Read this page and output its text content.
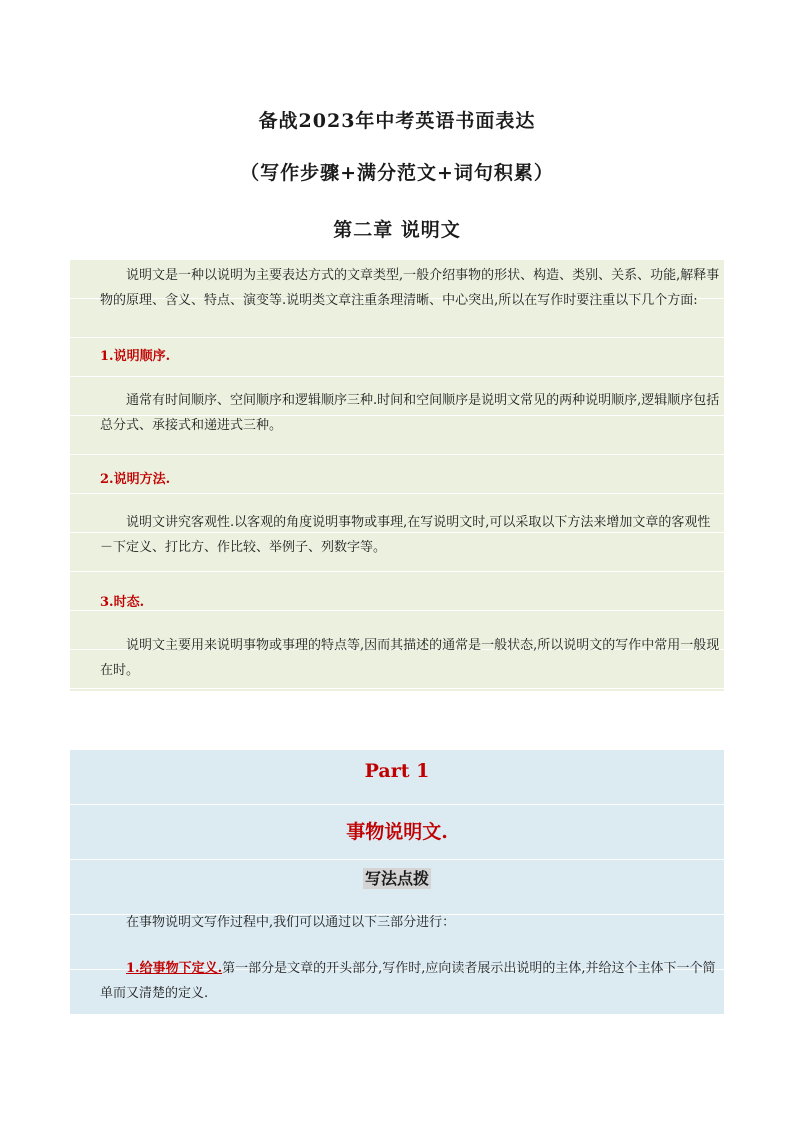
备战2023年中考英语书面表达
（写作步骤+满分范文+词句积累）
第二章 说明文
说明文是一种以说明为主要表达方式的文章类型,一般介绍事物的形状、构造、类别、关系、功能,解释事物的原理、含义、特点、演变等.说明类文章注重条理清晰、中心突出,所以在写作时要注重以下几个方面:
1.说明顺序.
通常有时间顺序、空间顺序和逻辑顺序三种.时间和空间顺序是说明文常见的两种说明顺序,逻辑顺序包括总分式、承接式和递进式三种。
2.说明方法.
说明文讲究客观性.以客观的角度说明事物或事理,在写说明文时,可以采取以下方法来增加文章的客观性－下定义、打比方、作比较、举例子、列数字等。
3.时态.
说明文主要用来说明事物或事理的特点等,因而其描述的通常是一般状态,所以说明文的写作中常用一般现在时。
Part 1
事物说明文.
写法点拨
在事物说明文写作过程中,我们可以通过以下三部分进行：
1.给事物下定义.第一部分是文章的开头部分,写作时,应向读者展示出说明的主体,并给这个主体下一个简单而又清楚的定义.
